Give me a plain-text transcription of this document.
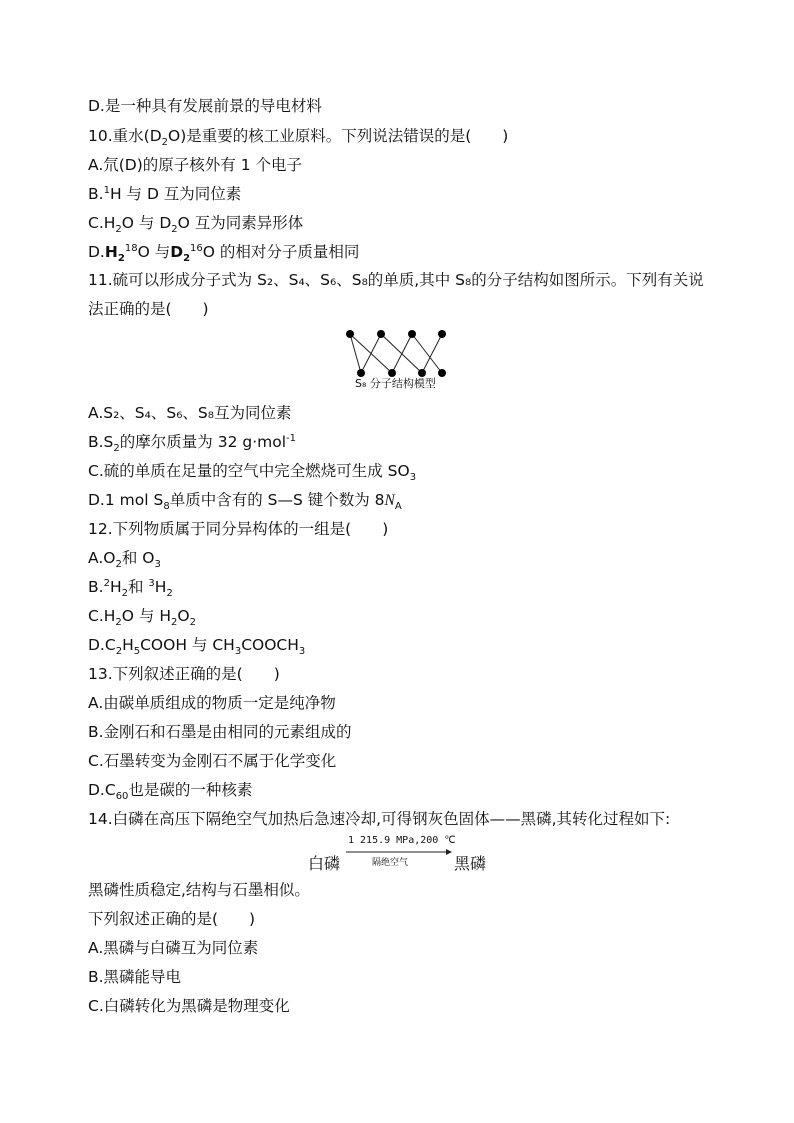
D.是一种具有发展前景的导电材料
10.重水$(D_2O)$是重要的核工业原料。下列说法错误的是(　　)
A.氘(D)的原子核外有 1 个电子
B.$^1$H 与 D 互为同位素
$C.H_2O$ 与 $D_2O$ 互为同素异形体
$D.H_2^{18}O$ 与$D_2^{16}O$ 的相对分子质量相同
11.硫可以形成分子式为 S₂、S₄、S₆、S₈的单质,其中 S₈的分子结构如图所示。下列有关说法正确的是(　　)
S₈ 分子结构模型
A.S₂、S₄、S₆、S₈互为同位素
$B.S_2$的摩尔质量为 32 g·mol$^{-1}$
C.硫的单质在足量的空气中完全燃烧可生成 $SO_3$
D.1 mol $S_8$单质中含有的 S—S 键个数为 $8N_A$
12.下列物质属于同分异构体的一组是(　　)
$A.O_2$和 $O_3$
$B.^2H_2$和 $^3H_2$
$C.H_2O$ 与 $H_2O_2$
$D.C_2H_5COOH$ 与 $CH_3COOCH_3$
13.下列叙述正确的是(　　)
A.由碳单质组成的物质一定是纯净物
B.金刚石和石墨是由相同的元素组成的
C.石墨转变为金刚石不属于化学变化
$D.C_{60}$也是碳的一种核素
14.白磷在高压下隔绝空气加热后急速冷却,可得钢灰色固体——黑磷,其转化过程如下:
白磷
1 215.9 MPa,200 ℃
隔绝空气	黑磷
黑磷性质稳定,结构与石墨相似。
下列叙述正确的是(　　)
A.黑磷与白磷互为同位素
B.黑磷能导电
C.白磷转化为黑磷是物理变化
